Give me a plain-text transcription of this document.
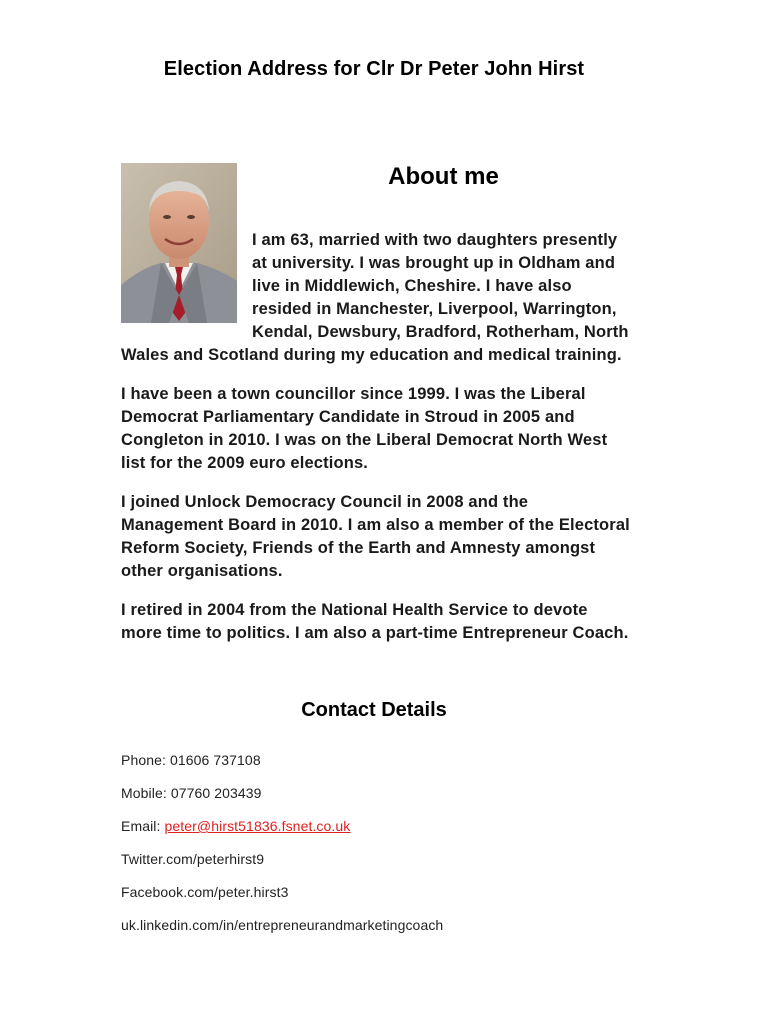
Election Address for Clr Dr Peter John Hirst
About me

I am 63, married with two daughters presently at university. I was brought up in Oldham and live in Middlewich, Cheshire. I have also resided in Manchester, Liverpool, Warrington, Kendal, Dewsbury, Bradford, Rotherham, North Wales and Scotland during my education and medical training.

I have been a town councillor since 1999. I was the Liberal Democrat Parliamentary Candidate in Stroud in 2005 and Congleton in 2010. I was on the Liberal Democrat North West list for the 2009 euro elections.

I joined Unlock Democracy Council in 2008 and the Management Board in 2010. I am also a member of the Electoral Reform Society, Friends of the Earth and Amnesty amongst other organisations.

I retired in 2004 from the National Health Service to devote more time to politics. I am also a part-time Entrepreneur Coach.

Contact Details
Phone: 01606 737108
Mobile: 07760 203439
Email: peter@hirst51836.fsnet.co.uk
Twitter.com/peterhirst9
Facebook.com/peter.hirst3
uk.linkedin.com/in/entrepreneurandmarketingcoach
